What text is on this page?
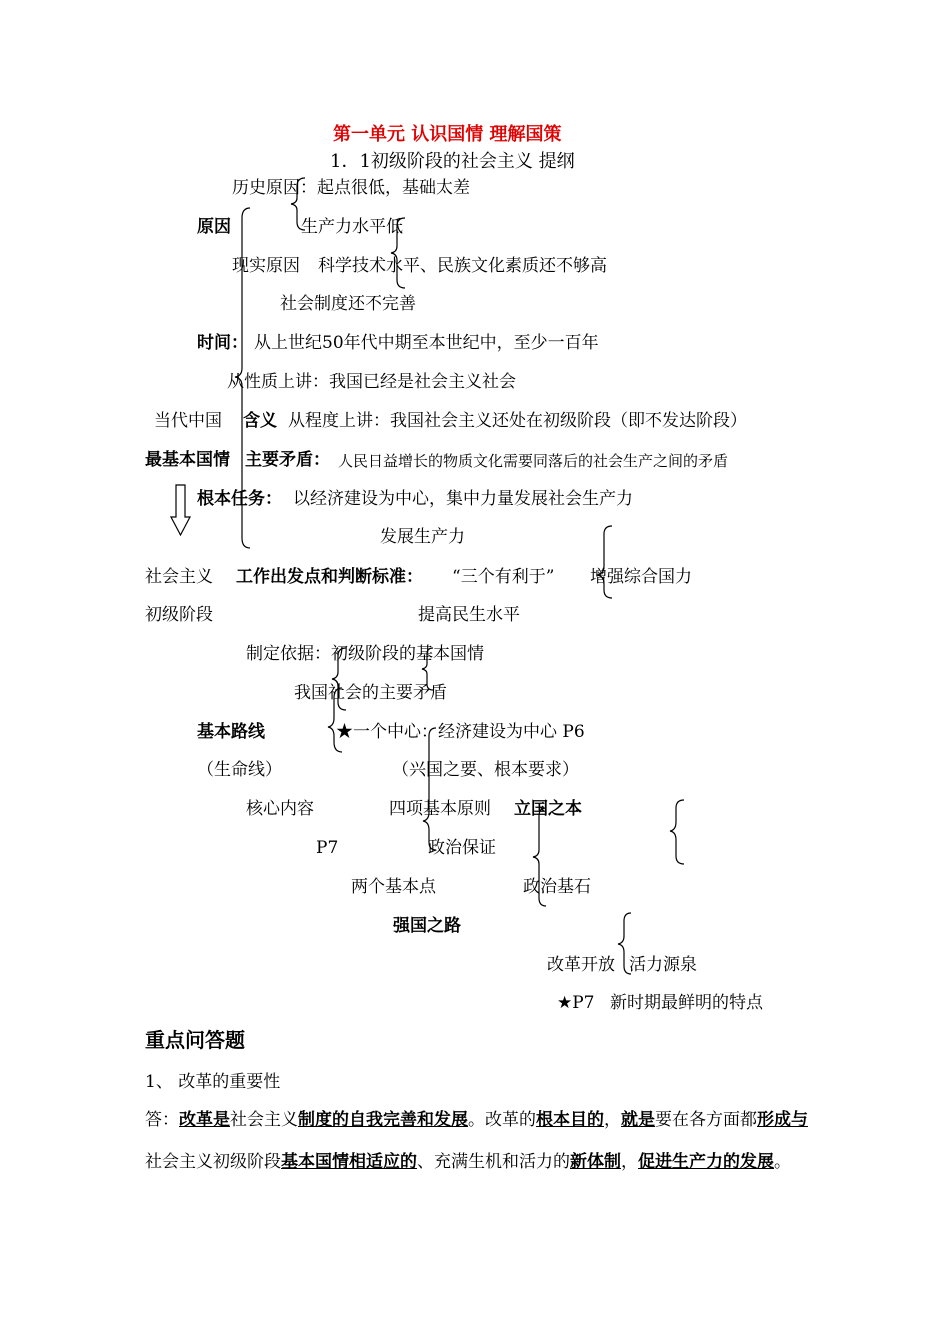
第一单元 认识国情 理解国策
1．1初级阶段的社会主义 提纲
历史原因：起点很低，基础太差
原因	生产力水平低
现实原因 科学技术水平、民族文化素质还不够高
社会制度还不完善
时间： 从上世纪50年代中期至本世纪中，至少一百年
从性质上讲：我国已经是社会主义社会
当代中国 含义 从程度上讲：我国社会主义还处在初级阶段（即不发达阶段）
最基本国情 主要矛盾： 人民日益增长的物质文化需要同落后的社会生产之间的矛盾
根本任务： 以经济建设为中心，集中力量发展社会生产力
发展生产力
社会主义 工作出发点和判断标准： “三个有利于” 增强综合国力
初级阶段	提高民生水平
制定依据：初级阶段的基本国情
我国社会的主要矛盾
基本路线	★一个中心：经济建设为中心 P6
（生命线）	（兴国之要、根本要求）
核心内容	四项基本原则 立国之本
P7	政治保证
两个基本点	政治基石
强国之路
改革开放 活力源泉
★P7 新时期最鲜明的特点
重点问答题
1、 改革的重要性
答：改革是社会主义制度的自我完善和发展。改革的根本目的，就是要在各方面都形成与社会主义初级阶段基本国情相适应的、充满生机和活力的新体制，促进生产力的发展。
